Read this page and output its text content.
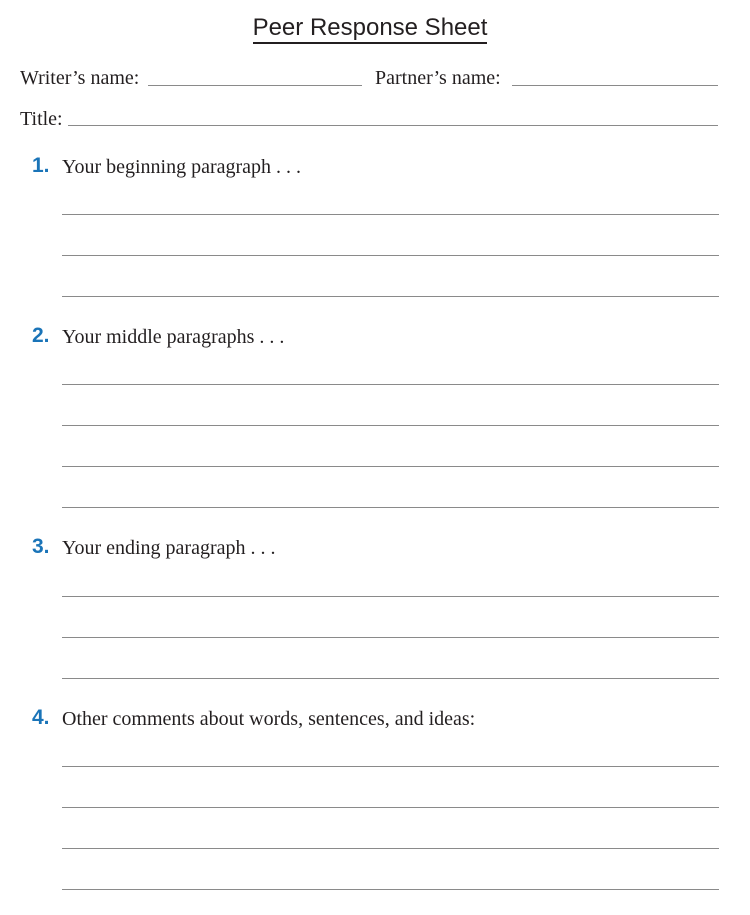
Peer Response Sheet
Writer’s name:	Partner’s name:
Title:
1. Your beginning paragraph . . .
2. Your middle paragraphs . . .
3. Your ending paragraph . . .
4. Other comments about words, sentences, and ideas:
